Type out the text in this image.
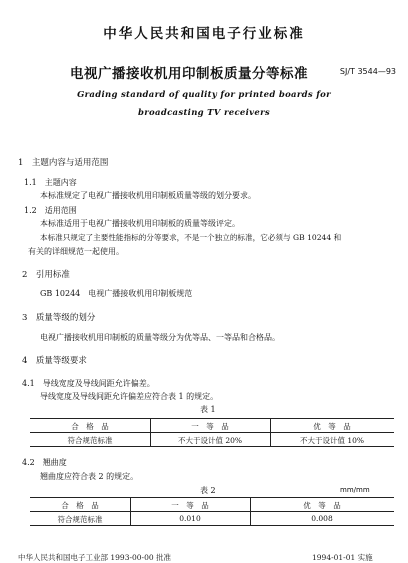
中华人民共和国电子行业标准
电视广播接收机用印制板质量分等标准	SJ/T 3544—93
Grading standard of quality for printed boards for
broadcasting TV receivers
1　主题内容与适用范围
1.1　主题内容
本标准规定了电视广播接收机用印制板质量等级的划分要求。
1.2　适用范围
本标准适用于电视广播接收机用印制板的质量等级评定。
本标准只规定了主要性能指标的分等要求，不是一个独立的标准，它必须与 GB 10244 和
有关的详细规范一起使用。
2　引用标准
GB 10244　电视广播接收机用印制板规范
3　质量等级的划分
电视广播接收机用印制板的质量等级分为优等品、一等品和合格品。
4　质量等级要求
4.1　导线宽度及导线间距允许偏差。
导线宽度及导线间距允许偏差应符合表 1 的规定。
表 1
合　格　品	一　等　品	优　等　品
符合规范标准	不大于设计值 20%	不大于设计值 10%
4.2　翘曲度
翘曲度应符合表 2 的规定。
表 2	mm/mm
合　格　品	一　等　品	优　等　品
符合规范标准	0.010	0.008
中华人民共和国电子工业部 1993-00-00 批准	1994-01-01 实施
